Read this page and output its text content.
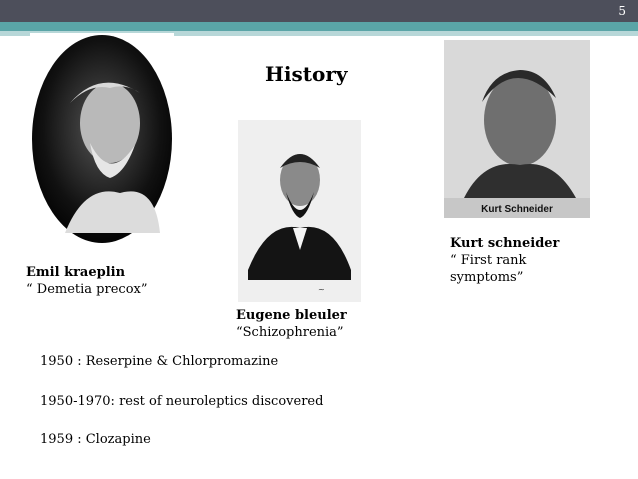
5
History
~
Kurt Schneider
Emil kraeplin
“ Demetia precox”
Eugene bleuler
“Schizophrenia”
Kurt schneider
“ First rank
symptoms”
1950 : Reserpine & Chlorpromazine
1950-1970: rest of neuroleptics discovered
1959 : Clozapine
